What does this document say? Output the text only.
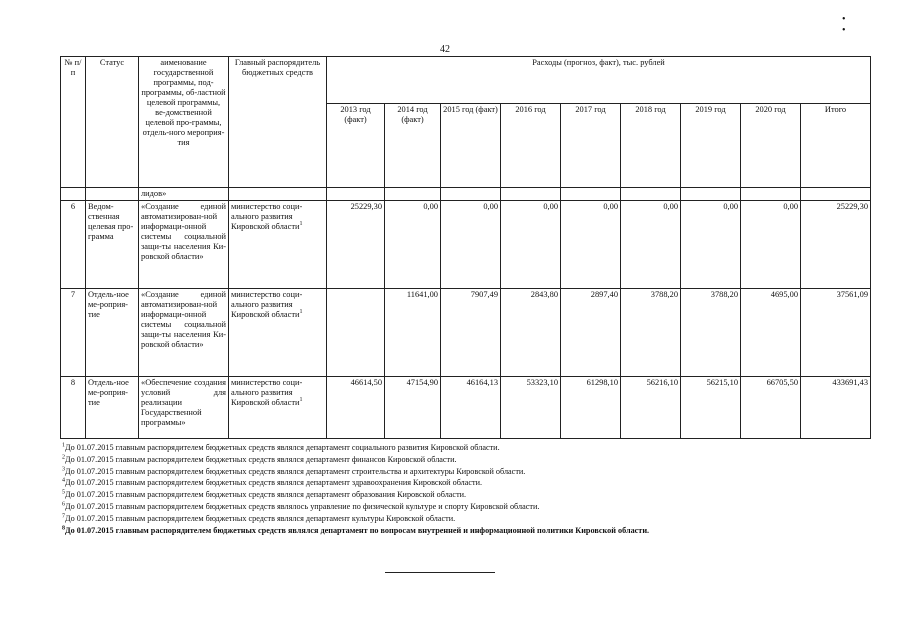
• •
42
№ п/п	Статус	аименование государственной программы, под-программы, об-ластной целевой программы, ве-домственной целевой про-граммы, отдель-ного мероприя-тия	Главный распорядитель бюджетных средств	Расходы (прогноз, факт), тыс. рублей								
				2013 год (факт)	2014 год (факт)	2015 год (факт)	2016 год	2017 год	2018 год	2019 год	2020 год	Итого
		лидов»										
6	Ведом-ственная целевая про-грамма	«Создание единой автоматизирован-ной информаци-онной системы социальной защи-ты населения Ки-ровской области»	министерство соци-ального развития Кировской области$^1$	25229,30	0,00	0,00	0,00	0,00	0,00	0,00	0,00	25229,30
7	Отдель-ное ме-роприя-тие	«Создание единой автоматизирован-ной информаци-онной системы социальной защи-ты населения Ки-ровской области»	министерство соци-ального развития Кировской области$^1$		11641,00	7907,49	2843,80	2897,40	3788,20	3788,20	4695,00	37561,09
8	Отдель-ное ме-роприя-тие	«Обеспечение создания условий для реализации Государственной программы»	министерство соци-ального развития Кировской области$^1$	46614,50	47154,90	46164,13	53323,10	61298,10	56216,10	56215,10	66705,50	433691,43
$^1$До 01.07.2015 главным распорядителем бюджетных средств являлся департамент социального развития Кировской области.
$^2$До 01.07.2015 главным распорядителем бюджетных средств являлся департамент финансов Кировской области.
$^3$До 01.07.2015 главным распорядителем бюджетных средств являлся департамент строительства и архитектуры Кировской области.
$^4$До 01.07.2015 главным распорядителем бюджетных средств являлся департамент здравоохранения Кировской области.
$^5$До 01.07.2015 главным распорядителем бюджетных средств являлся департамент образования Кировской области.
$^6$До 01.07.2015 главным распорядителем бюджетных средств являлось управление по физической культуре и спорту Кировской области.
$^7$До 01.07.2015 главным распорядителем бюджетных средств являлся департамент культуры Кировской области.
$^8$До 01.07.2015 главным распорядителем бюджетных средств являлся департамент по вопросам внутренней и информационной политики Кировской области.
